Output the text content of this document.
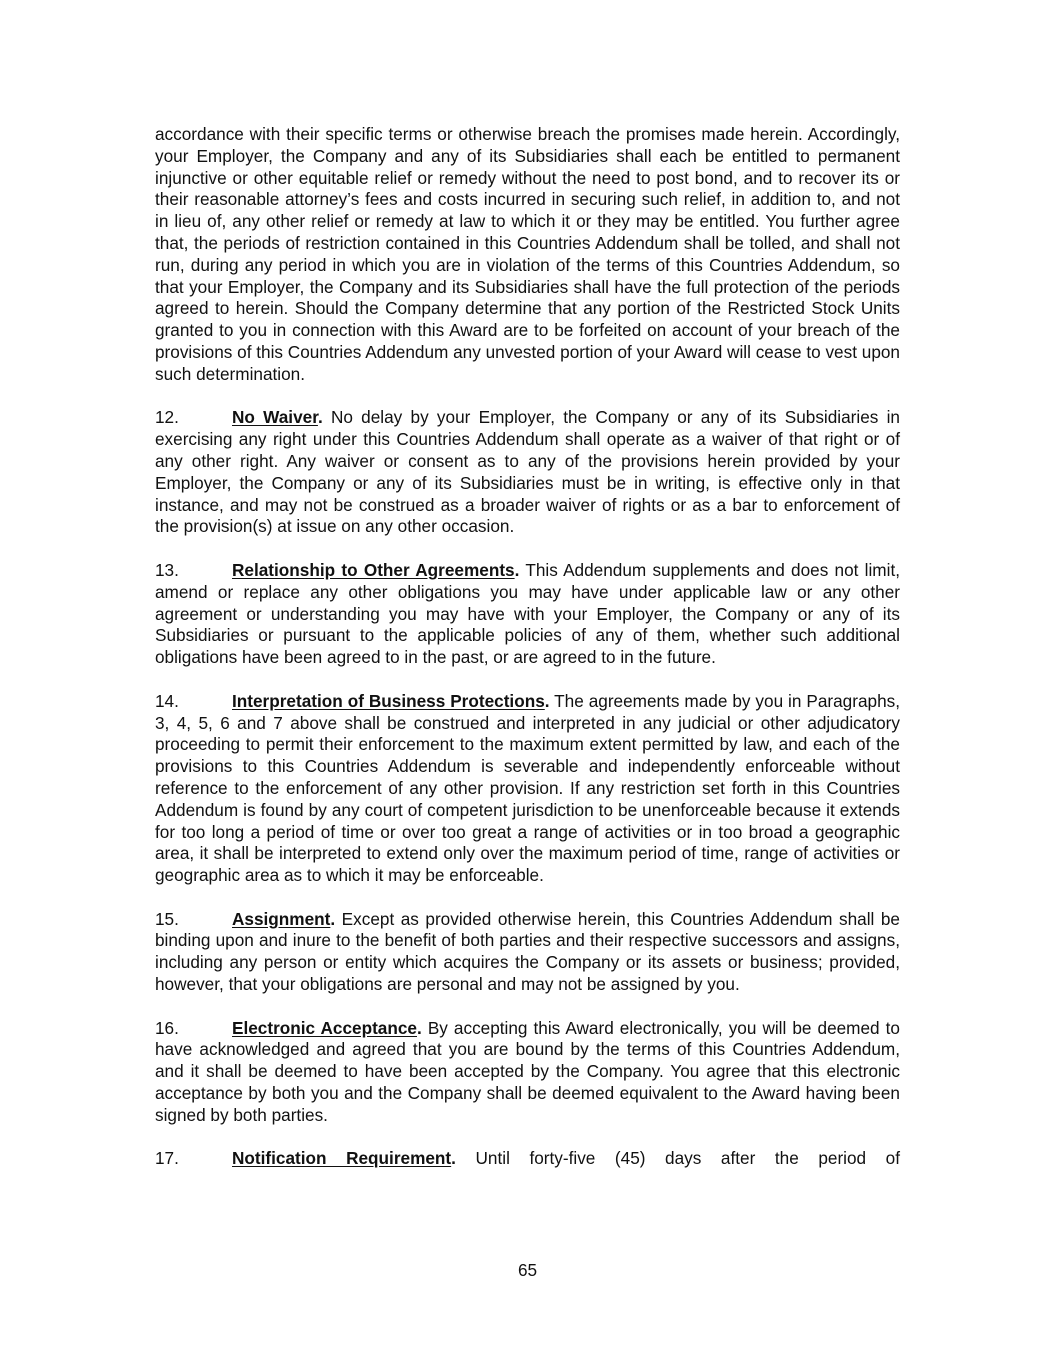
accordance with their specific terms or otherwise breach the promises made herein. Accordingly, your Employer, the Company and any of its Subsidiaries shall each be entitled to permanent injunctive or other equitable relief or remedy without the need to post bond, and to recover its or their reasonable attorney’s fees and costs incurred in securing such relief, in addition to, and not in lieu of, any other relief or remedy at law to which it or they may be entitled. You further agree that, the periods of restriction contained in this Countries Addendum shall be tolled, and shall not run, during any period in which you are in violation of the terms of this Countries Addendum, so that your Employer, the Company and its Subsidiaries shall have the full protection of the periods agreed to herein. Should the Company determine that any portion of the Restricted Stock Units granted to you in connection with this Award are to be forfeited on account of your breach of the provisions of this Countries Addendum any unvested portion of your Award will cease to vest upon such determination.

12.	No Waiver. No delay by your Employer, the Company or any of its Subsidiaries in exercising any right under this Countries Addendum shall operate as a waiver of that right or of any other right. Any waiver or consent as to any of the provisions herein provided by your Employer, the Company or any of its Subsidiaries must be in writing, is effective only in that instance, and may not be construed as a broader waiver of rights or as a bar to enforcement of the provision(s) at issue on any other occasion.

13.	Relationship to Other Agreements. This Addendum supplements and does not limit, amend or replace any other obligations you may have under applicable law or any other agreement or understanding you may have with your Employer, the Company or any of its Subsidiaries or pursuant to the applicable policies of any of them, whether such additional obligations have been agreed to in the past, or are agreed to in the future.

14.	Interpretation of Business Protections. The agreements made by you in Paragraphs, 3, 4, 5, 6 and 7 above shall be construed and interpreted in any judicial or other adjudicatory proceeding to permit their enforcement to the maximum extent permitted by law, and each of the provisions to this Countries Addendum is severable and independently enforceable without reference to the enforcement of any other provision. If any restriction set forth in this Countries Addendum is found by any court of competent jurisdiction to be unenforceable because it extends for too long a period of time or over too great a range of activities or in too broad a geographic area, it shall be interpreted to extend only over the maximum period of time, range of activities or geographic area as to which it may be enforceable.

15.	Assignment. Except as provided otherwise herein, this Countries Addendum shall be binding upon and inure to the benefit of both parties and their respective successors and assigns, including any person or entity which acquires the Company or its assets or business; provided, however, that your obligations are personal and may not be assigned by you.

16.	Electronic Acceptance. By accepting this Award electronically, you will be deemed to have acknowledged and agreed that you are bound by the terms of this Countries Addendum, and it shall be deemed to have been accepted by the Company. You agree that this electronic acceptance by both you and the Company shall be deemed equivalent to the Award having been signed by both parties.

17.	Notification Requirement. Until forty-five (45) days after the period of

65
